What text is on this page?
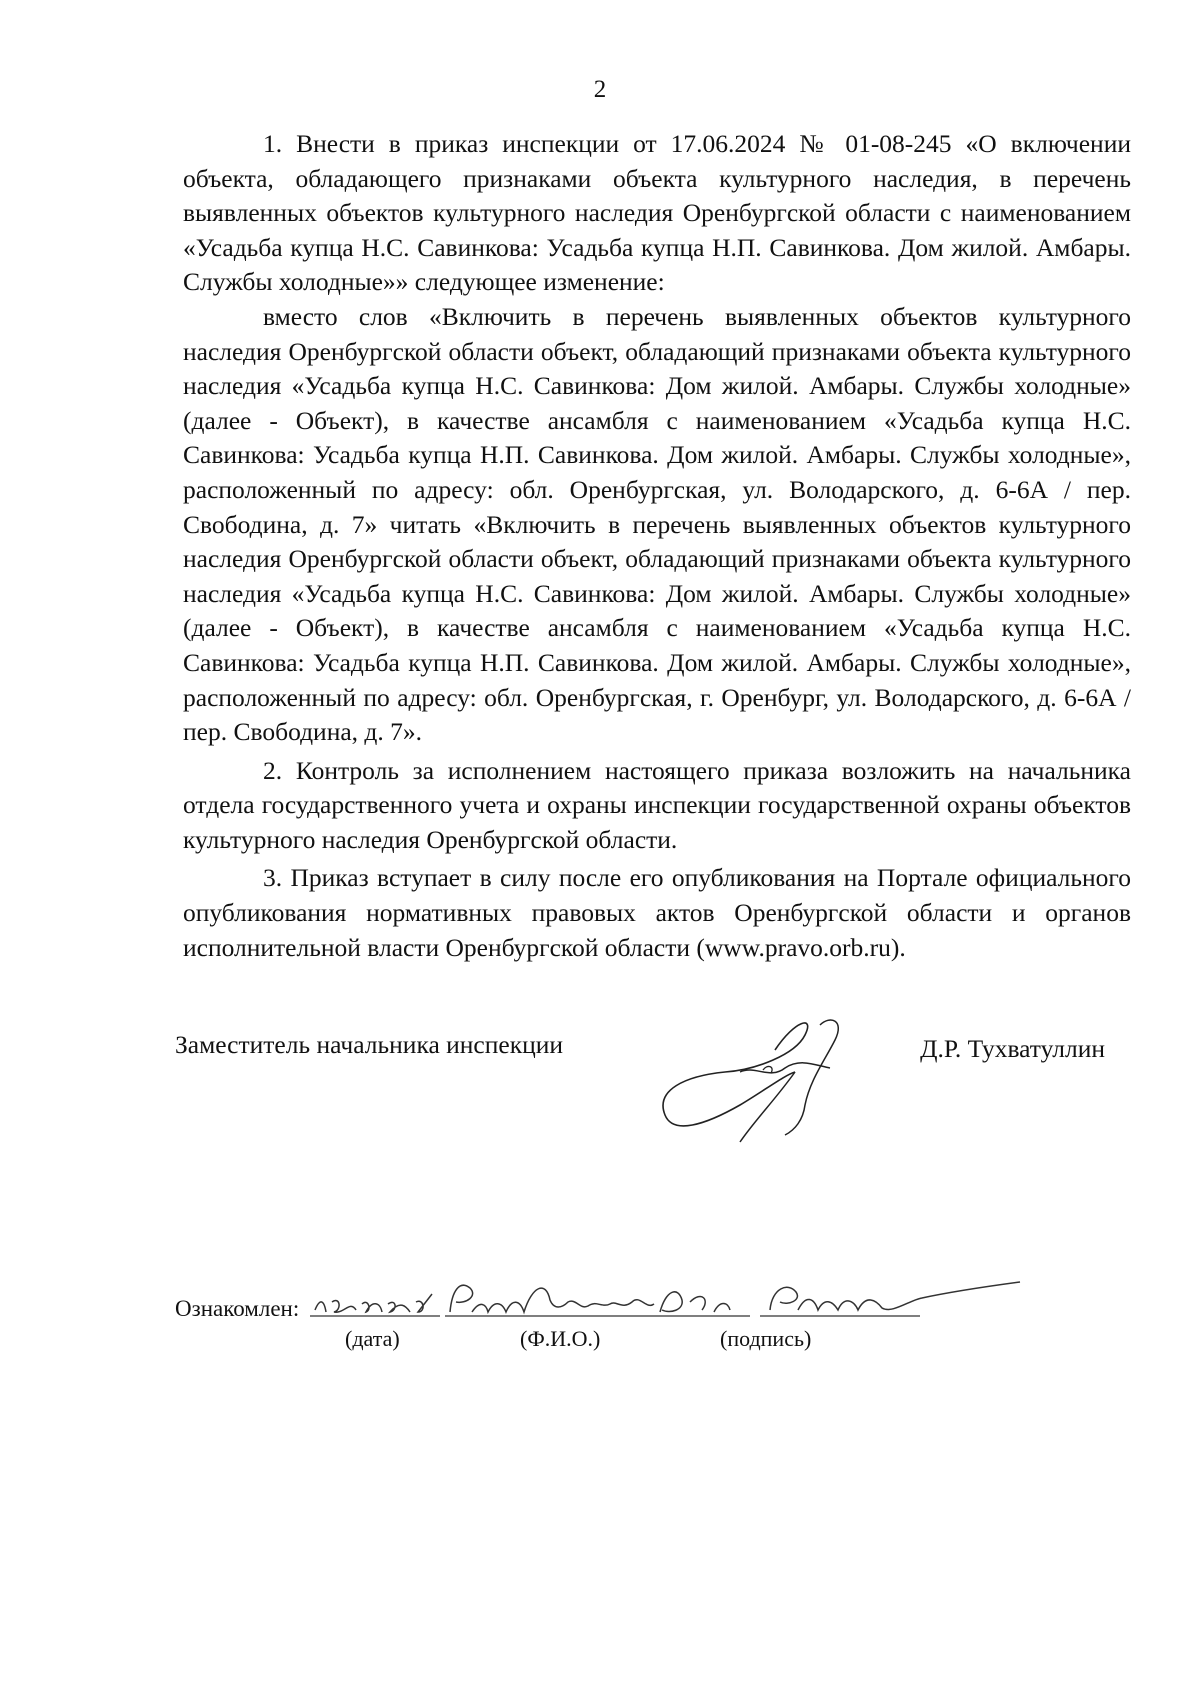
2

1. Внести в приказ инспекции от 17.06.2024 № 01-08-245 «О включении объекта, обладающего признаками объекта культурного наследия, в перечень выявленных объектов культурного наследия Оренбургской области с наименованием «Усадьба купца Н.С. Савинкова: Усадьба купца Н.П. Савинкова. Дом жилой. Амбары. Службы холодные»» следующее изменение:

вместо слов «Включить в перечень выявленных объектов культурного наследия Оренбургской области объект, обладающий признаками объекта культурного наследия «Усадьба купца Н.С. Савинкова: Дом жилой. Амбары. Службы холодные» (далее - Объект), в качестве ансамбля с наименованием «Усадьба купца Н.С. Савинкова: Усадьба купца Н.П. Савинкова. Дом жилой. Амбары. Службы холодные», расположенный по адресу: обл. Оренбургская, ул. Володарского, д. 6-6А / пер. Свободина, д. 7» читать «Включить в перечень выявленных объектов культурного наследия Оренбургской области объект, обладающий признаками объекта культурного наследия «Усадьба купца Н.С. Савинкова: Дом жилой. Амбары. Службы холодные» (далее - Объект), в качестве ансамбля с наименованием «Усадьба купца Н.С. Савинкова: Усадьба купца Н.П. Савинкова. Дом жилой. Амбары. Службы холодные», расположенный по адресу: обл. Оренбургская, г. Оренбург, ул. Володарского, д. 6-6А / пер. Свободина, д. 7».

2. Контроль за исполнением настоящего приказа возложить на начальника отдела государственного учета и охраны инспекции государственной охраны объектов культурного наследия Оренбургской области.

3. Приказ вступает в силу после его опубликования на Портале официального опубликования нормативных правовых актов Оренбургской области и органов исполнительной власти Оренбургской области (www.pravo.orb.ru).

Заместитель начальника инспекции	Д.Р. Тухватуллин
Ознакомлен:
(дата)	(Ф.И.О.)	(подпись)
